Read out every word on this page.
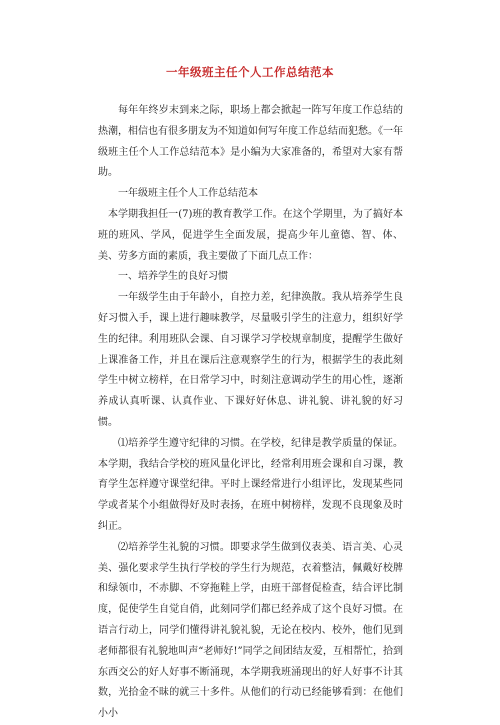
一年级班主任个人工作总结范本

每年年终岁末到来之际，职场上都会掀起一阵写年度工作总结的热潮，相信也有很多朋友为不知道如何写年度工作总结而犯愁。《一年级班主任个人工作总结范本》是小编为大家准备的，希望对大家有帮助。

一年级班主任个人工作总结范本

本学期我担任一(7)班的教育教学工作。在这个学期里，为了搞好本班的班风、学风，促进学生全面发展，提高少年儿童德、智、体、美、劳多方面的素质，我主要做了下面几点工作：

一、培养学生的良好习惯

一年级学生由于年龄小，自控力差，纪律涣散。我从培养学生良好习惯入手，课上进行趣味教学，尽量吸引学生的注意力，组织好学生的纪律。利用班队会课、自习课学习学校规章制度，提醒学生做好上课准备工作，并且在课后注意观察学生的行为，根据学生的表此刻学生中树立榜样，在日常学习中，时刻注意调动学生的用心性，逐渐养成认真听课、认真作业、下课好好休息、讲礼貌、讲礼貌的好习惯。

⑴培养学生遵守纪律的习惯。在学校，纪律是教学质量的保证。本学期，我结合学校的班风量化评比，经常利用班会课和自习课，教育学生怎样遵守课堂纪律。平时上课经常进行小组评比，发现某些同学或者某个小组做得好及时表扬，在班中树榜样，发现不良现象及时纠正。

⑵培养学生礼貌的习惯。即要求学生做到仪表美、语言美、心灵美、强化要求学生执行学校的学生行为规范，衣着整洁，佩戴好校牌和绿领巾，不赤脚、不穿拖鞋上学，由班干部督促检查，结合评比制度，促使学生自觉自俏，此刻同学们都已经养成了这个良好习惯。在语言行动上，同学们懂得讲礼貌礼貌，无论在校内、校外，他们见到老师都很有礼貌地叫声“老师好!”同学之间团结友爱，互相帮忙，拾到东西交公的好人好事不断涌现，本学期我班涌现出的好人好事不计其数，光拾金不昧的就三十多件。从他们的行动已经能够看到：在他们小小
